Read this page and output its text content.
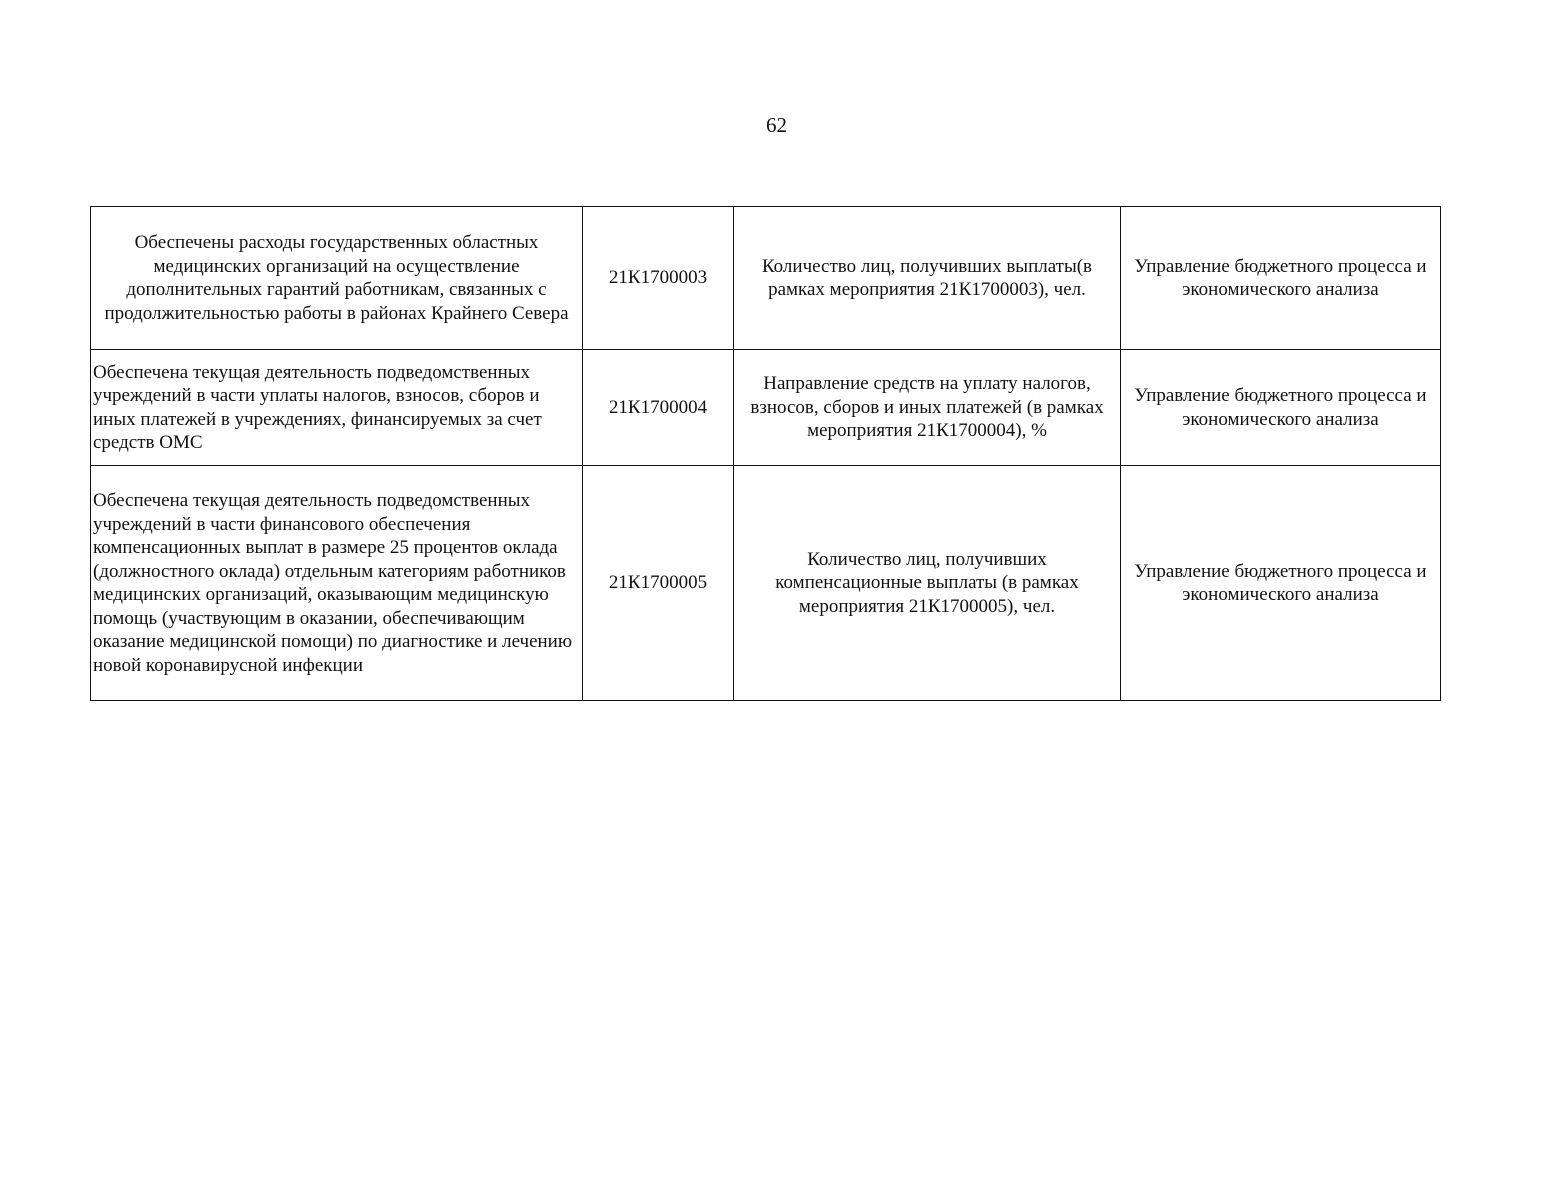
62
Обеспечены расходы государственных областных медицинских организаций на осуществление дополнительных гарантий работникам, связанных с продолжительностью работы в районах Крайнего Севера	21К1700003	Количество лиц, получивших выплаты(в рамках мероприятия 21К1700003), чел.	Управление бюджетного процесса и экономического анализа
Обеспечена текущая деятельность подведомственных учреждений в части уплаты налогов, взносов, сборов и иных платежей в учреждениях, финансируемых за счет средств ОМС	21К1700004	Направление средств на уплату налогов, взносов, сборов и иных платежей (в рамках мероприятия 21К1700004), %	Управление бюджетного процесса и экономического анализа
Обеспечена текущая деятельность подведомственных учреждений в части финансового обеспечения компенсационных выплат в размере 25 процентов оклада (должностного оклада) отдельным категориям работников медицинских организаций, оказывающим медицинскую помощь (участвующим в оказании, обеспечивающим оказание медицинской помощи) по диагностике и лечению новой коронавирусной инфекции	21К1700005	Количество лиц, получивших компенсационные выплаты (в рамках мероприятия 21К1700005), чел.	Управление бюджетного процесса и экономического анализа
